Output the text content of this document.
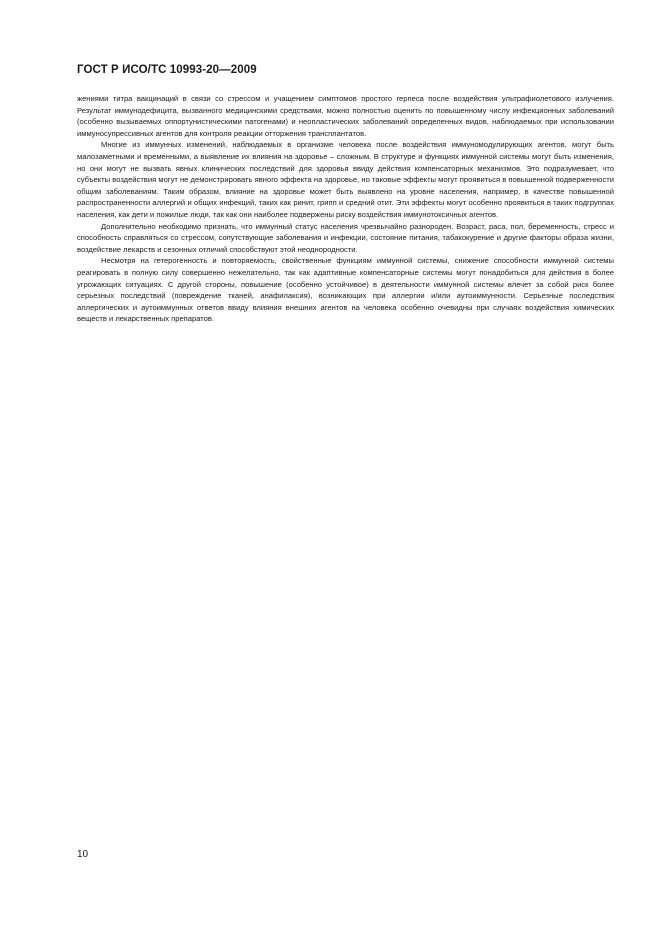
ГОСТ Р ИСО/ТС 10993-20—2009

жениями титра вакцинаций в связи со стрессом и учащением симптомов простого герпеса после воздействия ультрафиолетового излучения. Результат иммунодефицита, вызванного медицинскими средствами, можно полностью оценить по повышенному числу инфекционных заболеваний (особенно вызываемых оппортунистическими патогенами) и неопластических заболеваний определенных видов, наблюдаемых при использовании иммуносупрессивных агентов для контроля реакции отторжения трансплантатов.

Многие из иммунных изменений, наблюдаемых в организме человека после воздействия иммуномодулирующих агентов, могут быть малозаметными и временными, а выявление их влияния на здоровье – сложным. В структуре и функциях иммунной системы могут быть изменения, но они могут не вызвать явных клинических последствий для здоровья ввиду действия компенсаторных механизмов. Это подразумевает, что субъекты воздействия могут не демонстрировать явного эффекта на здоровье, но таковые эффекты могут проявиться в повышенной подверженности общим заболеваниям. Таким образом, влияние на здоровье может быть выявлено на уровне населения, например, в качестве повышенной распространенности аллергий и общих инфекций, таких как ринит, грипп и средний отит. Эти эффекты могут особенно проявиться в таких подгруппах населения, как дети и пожилые люди, так как они наиболее подвержены риску воздействия иммунотоксичных агентов.

Дополнительно необходимо признать, что иммунный статус населения чрезвычайно разнороден. Возраст, раса, пол, беременность, стресс и способность справляться со стрессом, сопутствующие заболевания и инфекции, состояние питания, табакокурение и другие факторы образа жизни, воздействие лекарств и сезонных отличий способствуют этой неоднородности.

Несмотря на гетерогенность и повторяемость, свойственные функциям иммунной системы, снижение способности иммунной системы реагировать в полную силу совершенно нежелательно, так как адаптивные компенсаторные системы могут понадобиться для действия в более угрожающих ситуациях. С другой стороны, повышение (особенно устойчивое) в деятельности иммунной системы влечет за собой риск более серьезных последствий (повреждение тканей, анафилаксия), возникающих при аллергии и/или аутоиммунности. Серьезные последствия аллергических и аутоиммунных ответов ввиду влияния внешних агентов на человека особенно очевидны при случаях воздействия химических веществ и лекарственных препаратов.

10
